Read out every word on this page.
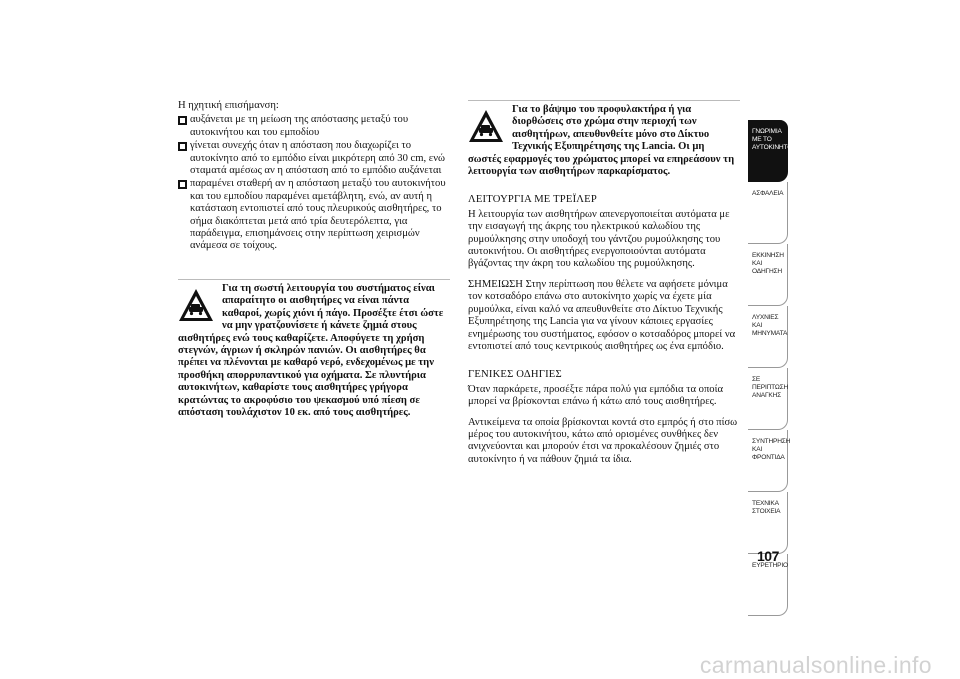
Η ηχητική επισήμανση:

αυξάνεται με τη μείωση της απόστασης μεταξύ του αυτοκινήτου και του εμποδίου
γίνεται συνεχής όταν η απόσταση που διαχωρίζει το αυτοκίνητο από το εμπόδιο είναι μικρότερη από 30 cm, ενώ σταματά αμέσως αν η απόσταση από το εμπόδιο αυξάνεται
παραμένει σταθερή αν η απόσταση μεταξύ του αυτοκινήτου και του εμποδίου παραμένει αμετάβλητη, ενώ, αν αυτή η κατάσταση εντοπιστεί από τους πλευρικούς αισθητήρες, το σήμα διακόπτεται μετά από τρία δευτερόλεπτα, για παράδειγμα, επισημάνσεις στην περίπτωση χειρισμών ανάμεσα σε τοίχους.
Για τη σωστή λειτουργία του συστήματος είναι απαραίτητο οι αισθητήρες να είναι πάντα καθαροί, χωρίς χιόνι ή πάγο. Προσέξτε έτσι ώστε να μην γρατζουνίσετε ή κάνετε ζημιά στους αισθητήρες ενώ τους καθαρίζετε. Αποφύγετε τη χρήση στεγνών, άγριων ή σκληρών πανιών. Οι αισθητήρες θα πρέπει να πλένονται με καθαρό νερό, ενδεχομένως με την προσθήκη απορρυπαντικού για οχήματα. Σε πλυντήρια αυτοκινήτων, καθαρίστε τους αισθητήρες γρήγορα κρατώντας το ακροφύσιο του ψεκασμού υπό πίεση σε απόσταση τουλάχιστον 10 εκ. από τους αισθητήρες.
Για το βάψιμο του προφυλακτήρα ή για διορθώσεις στο χρώμα στην περιοχή των αισθητήρων, απευθυνθείτε μόνο στο Δίκτυο Τεχνικής Εξυπηρέτησης της Lancia. Οι μη σωστές εφαρμογές του χρώματος μπορεί να επηρεάσουν τη λειτουργία των αισθητήρων παρκαρίσματος.

ΛΕΙΤΟΥΡΓΙΑ ΜΕ ΤΡΕΪΛΕΡ

Η λειτουργία των αισθητήρων απενεργοποιείται αυτόματα με την εισαγωγή της άκρης του ηλεκτρικού καλωδίου της ρυμούλκησης στην υποδοχή του γάντζου ρυμούλκησης του αυτοκινήτου. Οι αισθητήρες ενεργοποιούνται αυτόματα βγάζοντας την άκρη του καλωδίου της ρυμούλκησης.

ΣΗΜΕΙΩΣΗ Στην περίπτωση που θέλετε να αφήσετε μόνιμα τον κοτσαδόρο επάνω στο αυτοκίνητο χωρίς να έχετε μία ρυμούλκα, είναι καλό να απευθυνθείτε στο Δίκτυο Τεχνικής Εξυπηρέτησης της Lancia για να γίνουν κάποιες εργασίες ενημέρωσης του συστήματος, εφόσον ο κοτσαδόρος μπορεί να εντοπιστεί από τους κεντρικούς αισθητήρες ως ένα εμπόδιο.

ΓΕΝΙΚΕΣ ΟΔΗΓΙΕΣ

Όταν παρκάρετε, προσέξτε πάρα πολύ για εμπόδια τα οποία μπορεί να βρίσκονται επάνω ή κάτω από τους αισθητήρες.

Αντικείμενα τα οποία βρίσκονται κοντά στο εμπρός ή στο πίσω μέρος του αυτοκινήτου, κάτω από ορισμένες συνθήκες δεν ανιχνεύονται και μπορούν έτσι να προκαλέσουν ζημιές στο αυτοκίνητο ή να πάθουν ζημιά τα ίδια.

ΓΝΩΡΙΜΙΑ ΜΕ ΤΟ ΑΥΤΟΚΙΝΗΤΟ
ΑΣΦΑΛΕΙΑ
ΕΚΚΙΝΗΣΗ ΚΑΙ ΟΔΗΓΗΣΗ
ΛΥΧΝΙΕΣ ΚΑΙ ΜΗΝΥΜΑΤΑ
ΣΕ ΠΕΡΙΠΤΩΣΗ ΑΝΑΓΚΗΣ
ΣΥΝΤΗΡΗΣΗ ΚΑΙ ΦΡΟΝΤΙΔΑ
ΤΕΧΝΙΚΑ ΣΤΟΙΧΕΙΑ
ΕΥΡΕΤΗΡΙΟ
107
carmanualsonline.info
